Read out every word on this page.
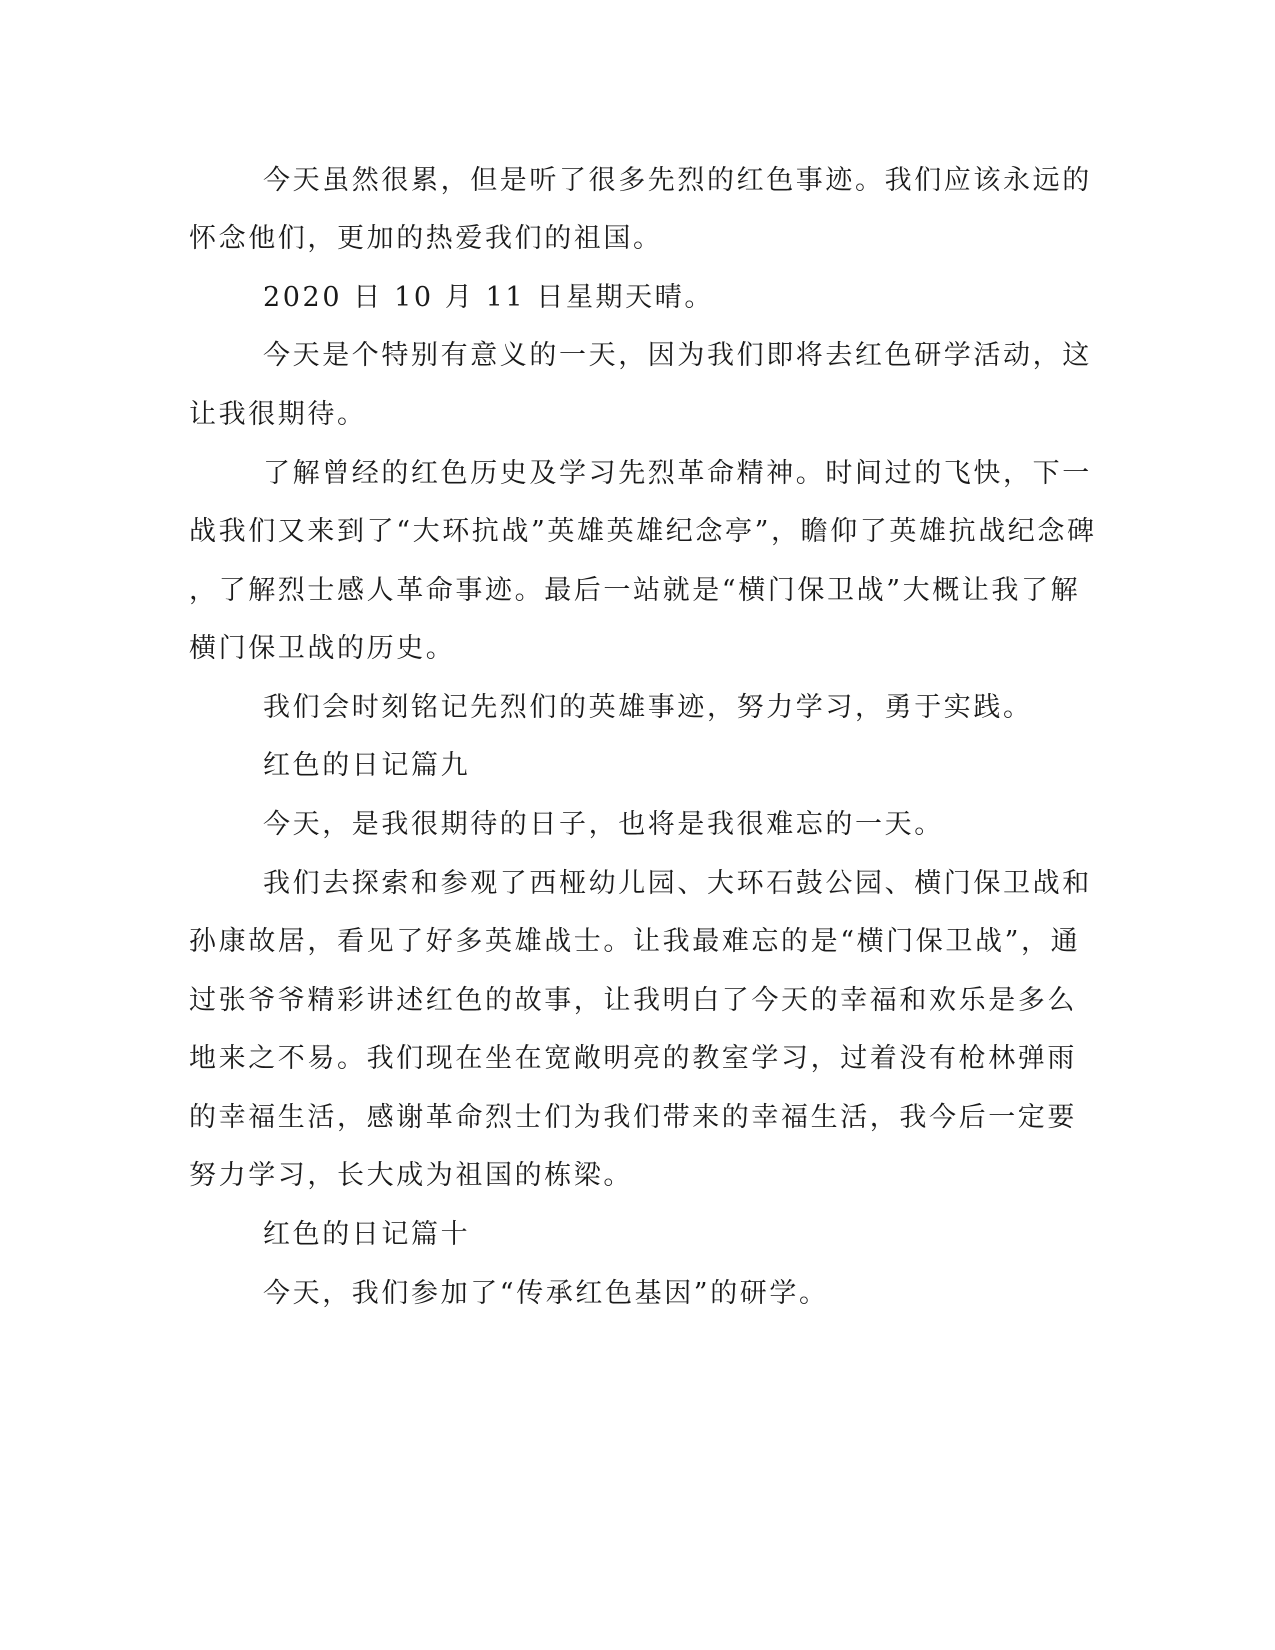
今天虽然很累，但是听了很多先烈的红色事迹。我们应该永远的
怀念他们，更加的热爱我们的祖国。
2020 日 10 月 11 日星期天晴。
今天是个特别有意义的一天，因为我们即将去红色研学活动，这
让我很期待。
了解曾经的红色历史及学习先烈革命精神。时间过的飞快，下一
战我们又来到了“大环抗战”英雄英雄纪念亭”，瞻仰了英雄抗战纪念碑
，了解烈士感人革命事迹。最后一站就是“横门保卫战”大概让我了解
横门保卫战的历史。
我们会时刻铭记先烈们的英雄事迹，努力学习，勇于实践。
红色的日记篇九
今天，是我很期待的日子，也将是我很难忘的一天。
我们去探索和参观了西桠幼儿园、大环石鼓公园、横门保卫战和
孙康故居，看见了好多英雄战士。让我最难忘的是“横门保卫战”，通
过张爷爷精彩讲述红色的故事，让我明白了今天的幸福和欢乐是多么
地来之不易。我们现在坐在宽敞明亮的教室学习，过着没有枪林弹雨
的幸福生活，感谢革命烈士们为我们带来的幸福生活，我今后一定要
努力学习，长大成为祖国的栋梁。
红色的日记篇十
今天，我们参加了“传承红色基因”的研学。
